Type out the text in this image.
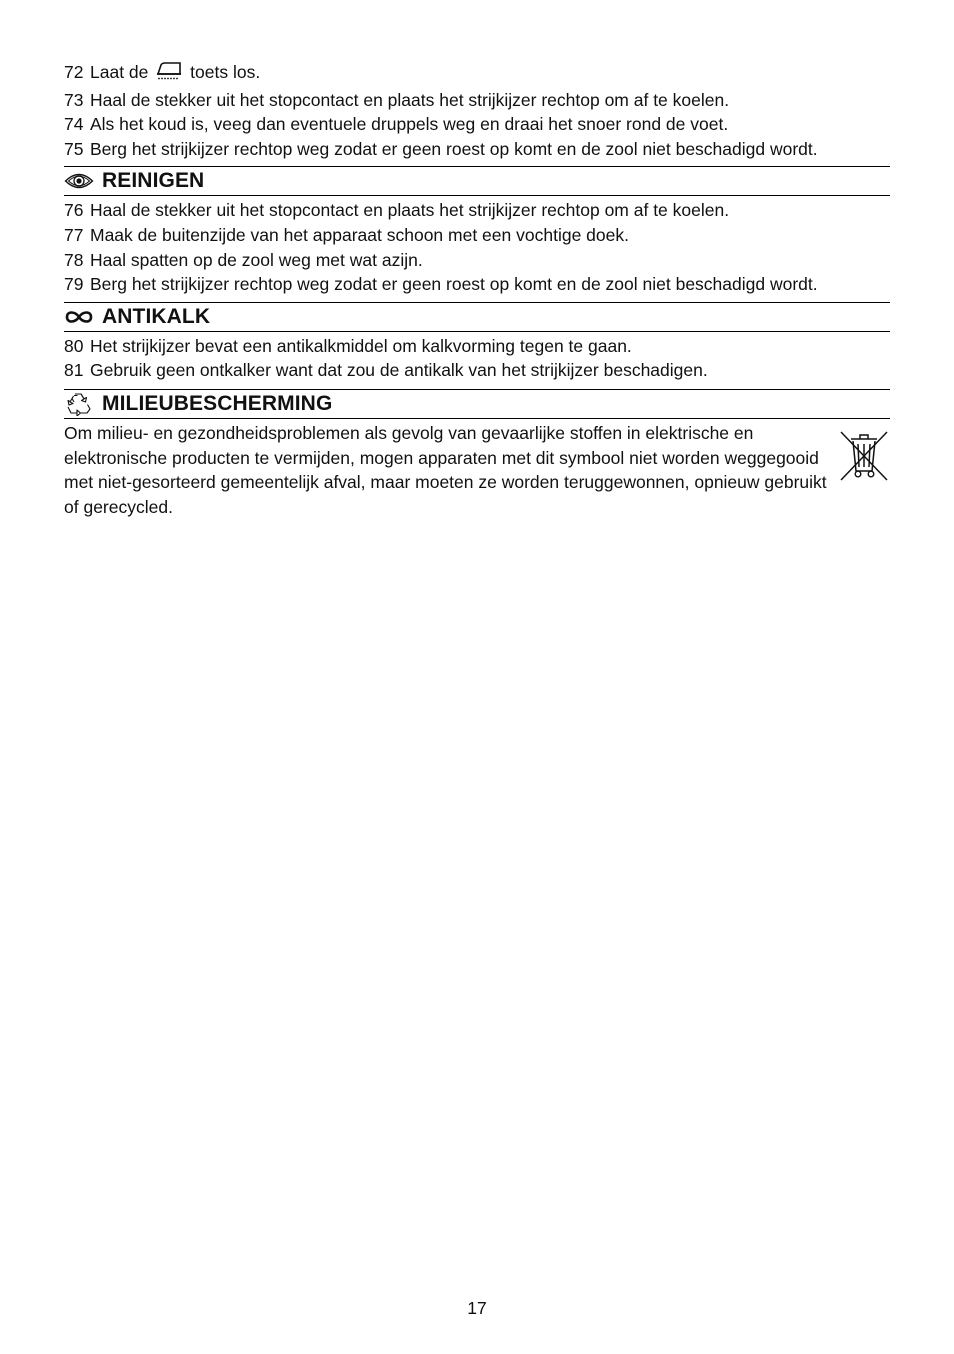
72 Laat de toets los.
73 Haal de stekker uit het stopcontact en plaats het strijkijzer rechtop om af te koelen.
74 Als het koud is, veeg dan eventuele druppels weg en draai het snoer rond de voet.
75 Berg het strijkijzer rechtop weg zodat er geen roest op komt en de zool niet beschadigd wordt.
REINIGEN
76 Haal de stekker uit het stopcontact en plaats het strijkijzer rechtop om af te koelen.
77 Maak de buitenzijde van het apparaat schoon met een vochtige doek.
78 Haal spatten op de zool weg met wat azijn.
79 Berg het strijkijzer rechtop weg zodat er geen roest op komt en de zool niet beschadigd wordt.
ANTIKALK
80 Het strijkijzer bevat een antikalkmiddel om kalkvorming tegen te gaan.
81 Gebruik geen ontkalker want dat zou de antikalk van het strijkijzer beschadigen.
MILIEUBESCHERMING
Om milieu- en gezondheidsproblemen als gevolg van gevaarlijke stoffen in elektrische en elektronische producten te vermijden, mogen apparaten met dit symbool niet worden weggegooid met niet-gesorteerd gemeentelijk afval, maar moeten ze worden teruggewonnen, opnieuw gebruikt of gerecycled.
17
